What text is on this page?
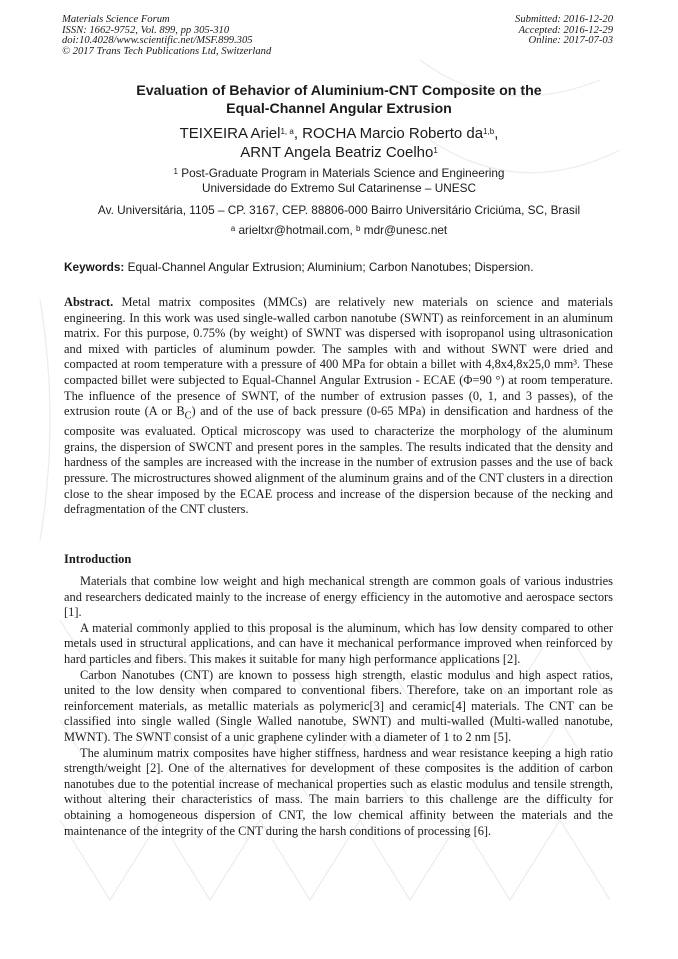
Materials Science Forum
ISSN: 1662-9752, Vol. 899, pp 305-310
doi:10.4028/www.scientific.net/MSF.899.305
© 2017 Trans Tech Publications Ltd, Switzerland
Submitted: 2016-12-20
Accepted: 2016-12-29
Online: 2017-07-03
Evaluation of Behavior of Aluminium-CNT Composite on the
Equal-Channel Angular Extrusion
TEIXEIRA Ariel$^{1, a}$, ROCHA Marcio Roberto da$^{1,b}$,
ARNT Angela Beatriz Coelho$^1$
$^1$ Post-Graduate Program in Materials Science and Engineering
Universidade do Extremo Sul Catarinense – UNESC
Av. Universitária, 1105 – CP. 3167, CEP. 88806-000 Bairro Universitário Criciúma, SC, Brasil
$^a$ arieltxr@hotmail.com, $^b$ mdr@unesc.net
Keywords: Equal-Channel Angular Extrusion; Aluminium; Carbon Nanotubes; Dispersion.
Abstract. Metal matrix composites (MMCs) are relatively new materials on science and materials engineering. In this work was used single-walled carbon nanotube (SWNT) as reinforcement in an aluminum matrix. For this purpose, 0.75% (by weight) of SWNT was dispersed with isopropanol using ultrasonication and mixed with particles of aluminum powder. The samples with and without SWNT were dried and compacted at room temperature with a pressure of 400 MPa for obtain a billet with 4,8x4,8x25,0 mm³. These compacted billet were subjected to Equal-Channel Angular Extrusion - ECAE (Φ=90 °) at room temperature. The influence of the presence of SWNT, of the number of extrusion passes (0, 1, and 3 passes), of the extrusion route (A or $B_C$) and of the use of back pressure (0-65 MPa) in densification and hardness of the composite was evaluated. Optical microscopy was used to characterize the morphology of the aluminum grains, the dispersion of SWCNT and present pores in the samples. The results indicated that the density and hardness of the samples are increased with the increase in the number of extrusion passes and the use of back pressure. The microstructures showed alignment of the aluminum grains and of the CNT clusters in a direction close to the shear imposed by the ECAE process and increase of the dispersion because of the necking and defragmentation of the CNT clusters.
Introduction

Materials that combine low weight and high mechanical strength are common goals of various industries and researchers dedicated mainly to the increase of energy efficiency in the automotive and aerospace sectors [1].

A material commonly applied to this proposal is the aluminum, which has low density compared to other metals used in structural applications, and can have it mechanical performance improved when reinforced by hard particles and fibers. This makes it suitable for many high performance applications [2].

Carbon Nanotubes (CNT) are known to possess high strength, elastic modulus and high aspect ratios, united to the low density when compared to conventional fibers. Therefore, take on an important role as reinforcement materials, as metallic materials as polymeric[3] and ceramic[4] materials. The CNT can be classified into single walled (Single Walled nanotube, SWNT) and multi-walled (Multi-walled nanotube, MWNT). The SWNT consist of a unic graphene cylinder with a diameter of 1 to 2 nm [5].

The aluminum matrix composites have higher stiffness, hardness and wear resistance keeping a high ratio strength/weight [2]. One of the alternatives for development of these composites is the addition of carbon nanotubes due to the potential increase of mechanical properties such as elastic modulus and tensile strength, without altering their characteristics of mass. The main barriers to this challenge are the difficulty for obtaining a homogeneous dispersion of CNT, the low chemical affinity between the materials and the maintenance of the integrity of the CNT during the harsh conditions of processing [6].
